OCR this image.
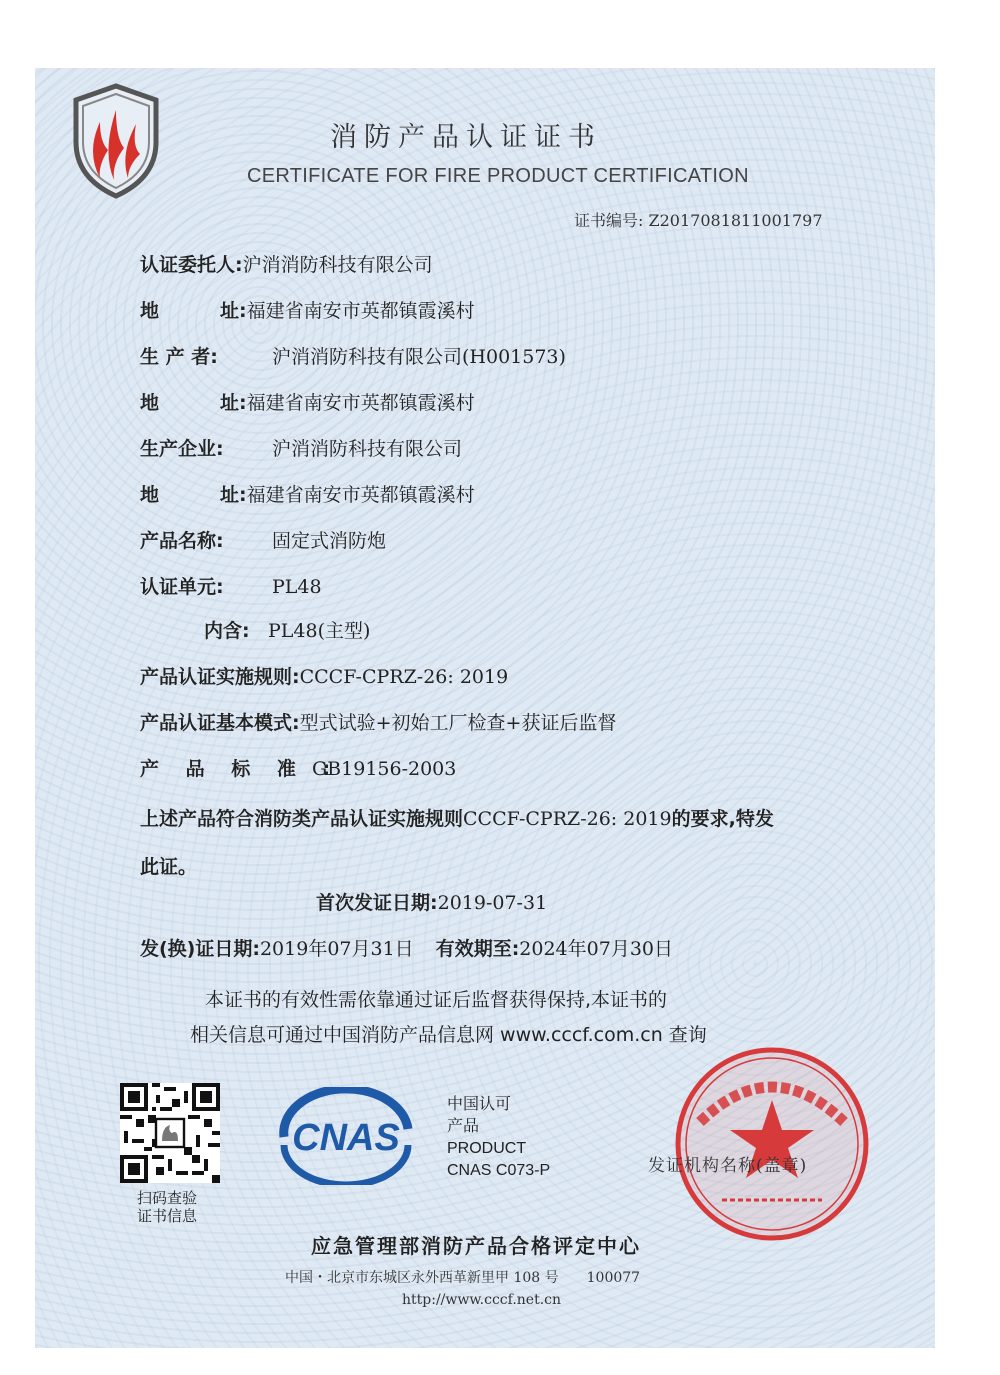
消防产品认证证书
CERTIFICATE FOR FIRE PRODUCT CERTIFICATION
证书编号: Z2017081811001797
认证委托人:沪消消防科技有限公司
地	址:福建省南安市英都镇霞溪村
生 产 者:	沪消消防科技有限公司(H001573)
地	址:福建省南安市英都镇霞溪村
生产企业:	沪消消防科技有限公司
地	址:福建省南安市英都镇霞溪村
产品名称:	固定式消防炮
认证单元:	PL48
内含: PL48(主型)
产品认证实施规则:CCCF-CPRZ-26: 2019
产品认证基本模式:型式试验+初始工厂检查+获证后监督
产 品 标 准 :GB19156-2003
上述产品符合消防类产品认证实施规则CCCF-CPRZ-26: 2019的要求,特发
此证。
首次发证日期:2019-07-31
发(换)证日期:2019年07月31日 有效期至:2024年07月30日
本证书的有效性需依靠通过证后监督获得保持,本证书的
相关信息可通过中国消防产品信息网 www.cccf.com.cn 查询
扫码查验
证书信息
CNAS
中国认可
产品
PRODUCT
CNAS C073-P	发证机构名称(盖章)
应急管理部消防产品合格评定中心
中国・北京市东城区永外西革新里甲 108 号 100077
http://www.cccf.net.cn
